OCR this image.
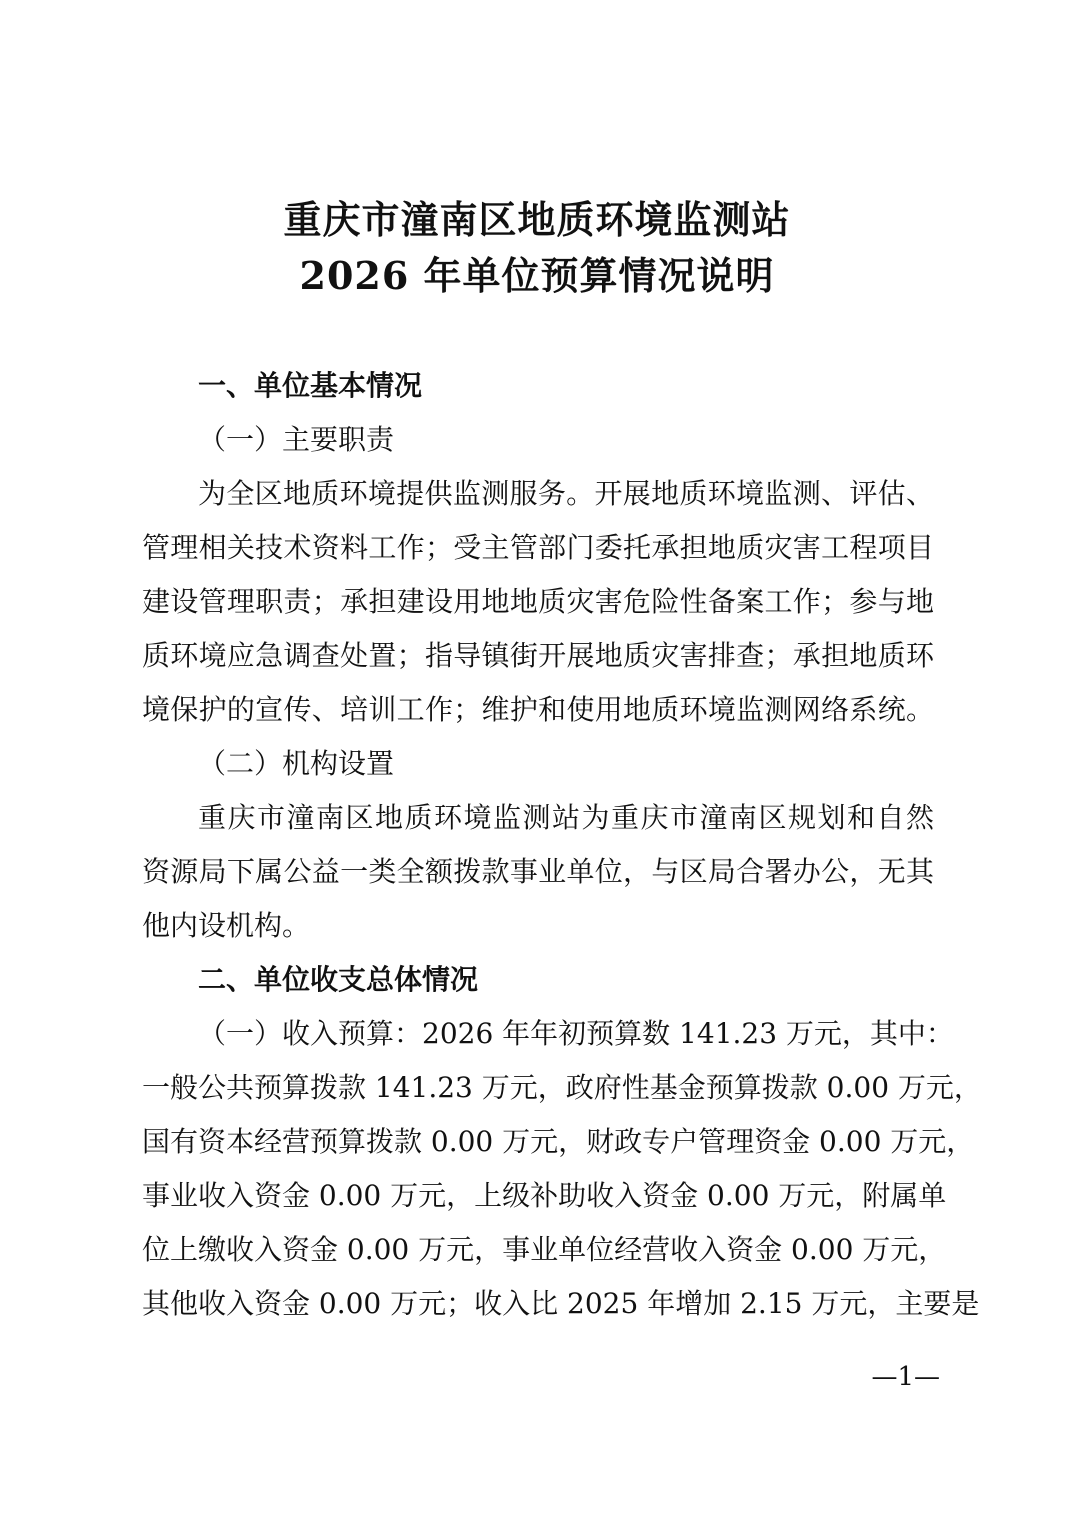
重庆市潼南区地质环境监测站
2026 年单位预算情况说明
一、单位基本情况
（一）主要职责
为全区地质环境提供监测服务。开展地质环境监测、评估、
管理相关技术资料工作；受主管部门委托承担地质灾害工程项目
建设管理职责；承担建设用地地质灾害危险性备案工作；参与地
质环境应急调查处置；指导镇街开展地质灾害排查；承担地质环
境保护的宣传、培训工作；维护和使用地质环境监测网络系统。
（二）机构设置
重庆市潼南区地质环境监测站为重庆市潼南区规划和自然
资源局下属公益一类全额拨款事业单位，与区局合署办公，无其
他内设机构。
二、单位收支总体情况
（一）收入预算：2026 年年初预算数 141.23 万元，其中：
一般公共预算拨款 141.23 万元，政府性基金预算拨款 0.00 万元，
国有资本经营预算拨款 0.00 万元，财政专户管理资金 0.00 万元，
事业收入资金 0.00 万元，上级补助收入资金 0.00 万元，附属单
位上缴收入资金 0.00 万元，事业单位经营收入资金 0.00 万元，
其他收入资金 0.00 万元；收入比 2025 年增加 2.15 万元，主要是
—1—
